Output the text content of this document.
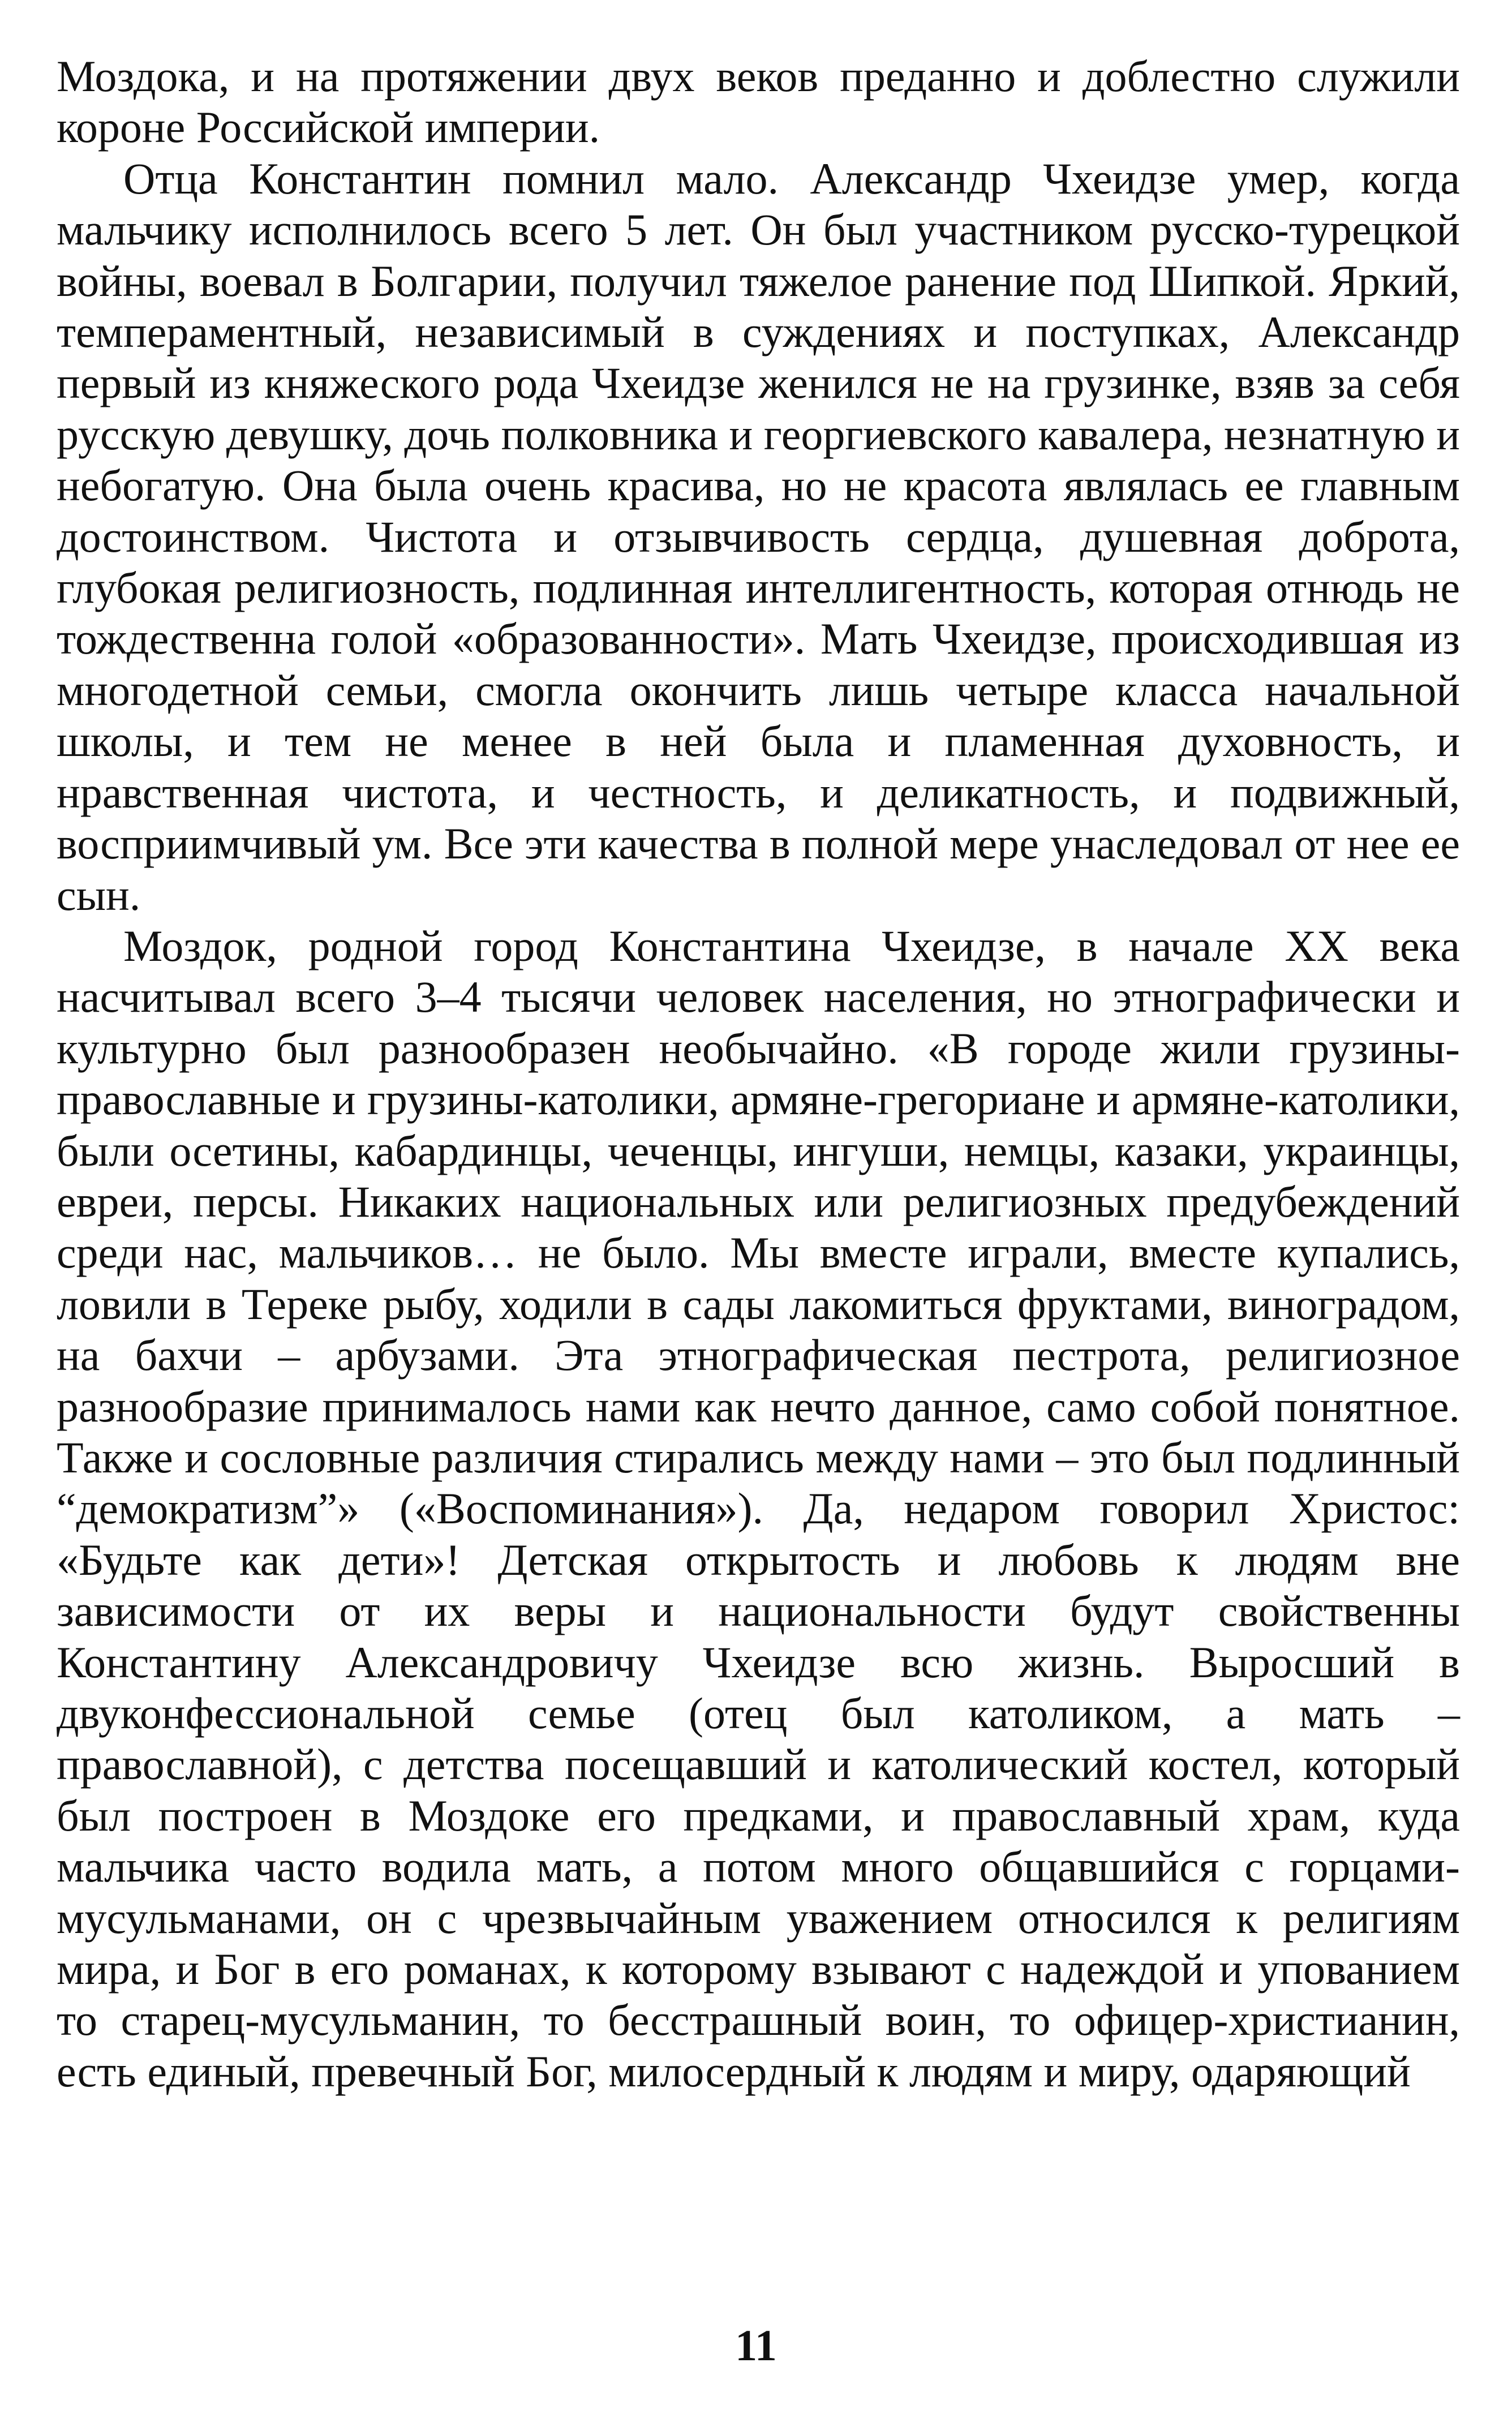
Моздока, и на протяжении двух веков преданно и доблестно служили короне Российской империи.

Отца Константин помнил мало. Александр Чхеидзе умер, когда мальчику исполнилось всего 5 лет. Он был участником русско-турецкой войны, воевал в Болгарии, получил тяжелое ранение под Шипкой. Яркий, темпераментный, независимый в суждениях и поступках, Александр первый из княжеского рода Чхеидзе женился не на грузинке, взяв за себя русскую девушку, дочь полковника и георгиевского кавалера, незнатную и небогатую. Она была очень красива, но не красота являлась ее главным достоинством. Чистота и отзывчивость сердца, душевная доброта, глубокая религиозность, подлинная интеллигентность, которая отнюдь не тождественна голой «образованности». Мать Чхеидзе, происходившая из многодетной семьи, смогла окончить лишь четыре класса начальной школы, и тем не менее в ней была и пламенная духовность, и нравственная чистота, и честность, и деликатность, и подвижный, восприимчивый ум. Все эти качества в полной мере унаследовал от нее ее сын.

Моздок, родной город Константина Чхеидзе, в начале XX века насчитывал всего 3–4 тысячи человек населения, но этнографически и культурно был разнообразен необычайно. «В городе жили грузины-православные и грузины-католики, армяне-грегориане и армяне-католики, были осетины, кабардинцы, чеченцы, ингуши, немцы, казаки, украинцы, евреи, персы. Никаких национальных или религиозных предубеждений среди нас, мальчиков… не было. Мы вместе играли, вместе купались, ловили в Тереке рыбу, ходили в сады лакомиться фруктами, виноградом, на бахчи – арбузами. Эта этнографическая пестрота, религиозное разнообразие принималось нами как нечто данное, само собой понятное. Также и сословные различия стирались между нами – это был подлинный “демократизм”» («Воспоминания»). Да, недаром говорил Христос: «Будьте как дети»! Детская открытость и любовь к людям вне зависимости от их веры и национальности будут свойственны Константину Александровичу Чхеидзе всю жизнь. Выросший в двуконфессиональной семье (отец был католиком, а мать – православной), с детства посещавший и католический костел, который был построен в Моздоке его предками, и православный храм, куда мальчика часто водила мать, а потом много общавшийся с горцами-мусульманами, он с чрезвычайным уважением относился к религиям мира, и Бог в его романах, к которому взывают с надеждой и упованием то старец-мусульманин, то бесстрашный воин, то офицер-христианин, есть единый, превечный Бог, милосердный к людям и миру, одаряющий

11
